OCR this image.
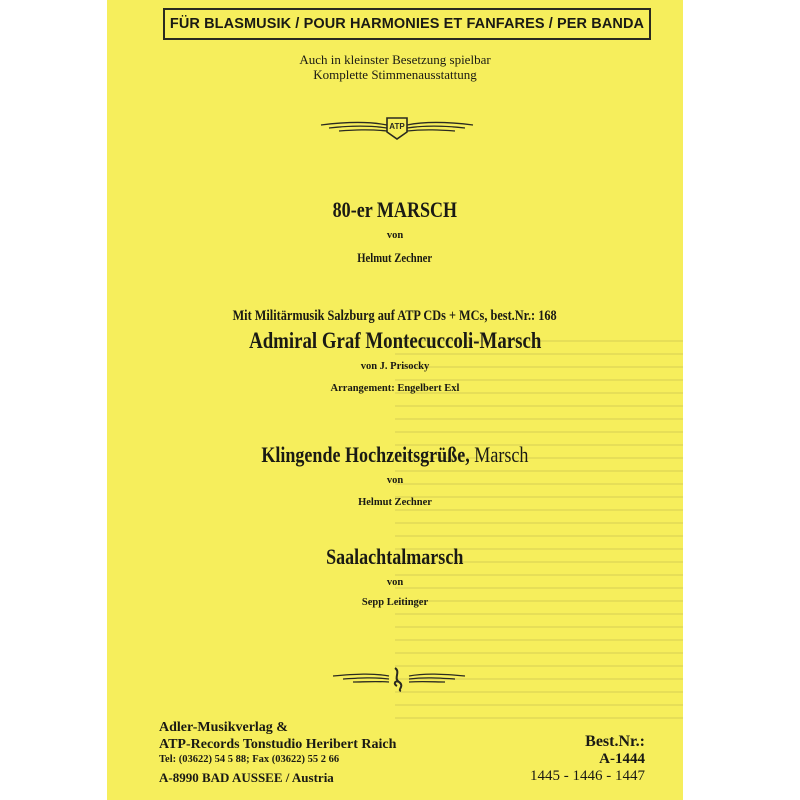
FÜR BLASMUSIK / POUR HARMONIES ET FANFARES / PER BANDA
Auch in kleinster Besetzung spielbar
Komplette Stimmenausstattung
ATP
80-er MARSCH
von
Helmut Zechner
Mit Militärmusik Salzburg auf ATP CDs + MCs, best.Nr.: 168
Admiral Graf Montecuccoli-Marsch
von J. Prisocky
Arrangement: Engelbert Exl
Klingende Hochzeitsgrüße, Marsch
von
Helmut Zechner
Saalachtalmarsch
von
Sepp Leitinger
Adler-Musikverlag &
ATP-Records Tonstudio Heribert Raich
Tel: (03622) 54 5 88; Fax (03622) 55 2 66
A-8990 BAD AUSSEE / Austria
Best.Nr.:
A-1444
1445 - 1446 - 1447
